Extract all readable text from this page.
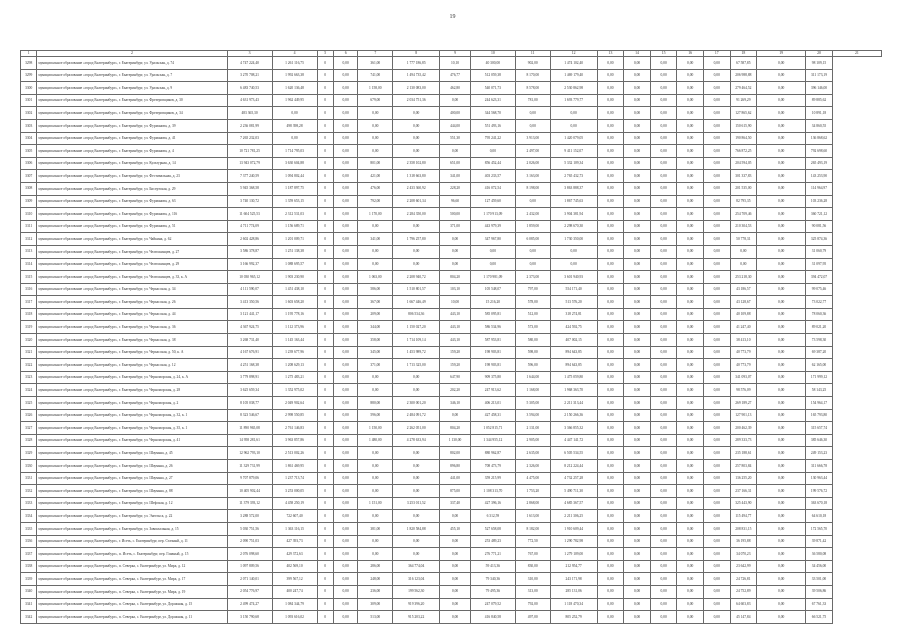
19
1	2	3	4	5	6	7	8	9	10	11	12	13	14	15	16	17	18	19	20	21
3298	муниципальное образование «город Екатеринбург», г. Екатеринбург, ул. Уральская, д. 74	4 747 224,40	1 261 116,75	0	0,00	361,00	1 777 186,85	10,10	40 300,00	902,00	1 474 102,40	0,00	0,00	0,00	0,00	0,00	67 587,85	0,00	98 109,15	
3299	муниципальное образование «город Екатеринбург», г. Екатеринбург, ул. Уральская, д. 7	3 270 708,21	1 992 663,38	0	0,00	741,00	1 494 735,42	476,77	512 059,38	8 170,00	1 469 179,40	0,00	0,00	0,00	0,00	0,00	206 988,88	0,00	311 173,19	
3300	муниципальное образование «город Екатеринбург», г. Екатеринбург, ул. Уральская, д. 9	6 483 740,53	1 620 136,48	0	0,00	1 158,00	2 130 083,00	462,80	540 071,73	8 578,00	2 530 862,98	0,00	0,00	0,00	0,00	0,00	279 464,52	0,00	396 146,00	
3301	муниципальное образование «город Екатеринбург», г. Екатеринбург, ул. Фрезеровщиков, д. 30	4 631 973,43	1 962 449,95	0	0,00	679,00	2 034 751,36	0,00	244 623,31	781,00	1 693 779,77	0,00	0,00	0,00	0,00	0,00	91 269,29	0,00	89 885,62	
3302	муниципальное образование «город Екатеринбург», г. Екатеринбург, ул. Фрезеровщиков, д. 34	483 365,30	0,00	0	0,00	0,00	0,00	400,00	344 568,70	0,00	0,00	0,00	0,00	0,00	0,00	0,00	127 865,62	0,00	10 891,18	
3303	муниципальное образование «город Екатеринбург», г. Екатеринбург, ул. Фурманова, д. 39	2 236 081,99	498 398,28	0	0,00	0,00	0,00	444,00	551 493,16	0,00	0,00	0,00	0,00	0,00	0,00	0,00	150 615,90	0,00	34 860,55	
3304	муниципальное образование «город Екатеринбург», г. Екатеринбург, ул. Фурманова, д. 41	7 265 232,03	0,00	0	0,00	0,00	0,00	551,30	795 241,22	3 913,00	1 420 079,05	0,00	0,00	0,00	0,00	0,00	190 864,50	0,00	136 868,62	
3305	муниципальное образование «город Екатеринбург», г. Екатеринбург, ул. Фурманова, д. 4	10 721 781,25	1 714 795,03	0	0,00	0,00	0,00	0,00	0,00	2 497,00	9 411 152,07	0,00	0,00	0,00	0,00	0,00	766 872,25	0,00	792 698,60	
3306	муниципальное образование «город Екатеринбург», г. Екатеринбург, ул. Культурная, д. 14	13 943 072,79	3 630 604,88	0	0,00	801,00	2 358 102,80	651,00	856 452,44	2 026,00	5 332 109,34	0,00	0,00	0,00	0,00	0,00	204 594,05	0,00	265 493,19	
3307	муниципальное образование «город Екатеринбург», г. Екатеринбург, ул. Фестивальная, д. 23	7 377 240,59	1 094 802,44	0	0,00	421,00	1 318 663,80	341,00	403 233,57	3 163,00	2 765 432,73	0,00	0,00	0,00	0,00	0,00	301 337,83	0,00	143 253,90	
3308	муниципальное образование «город Екатеринбург», г. Екатеринбург, ул. Бисертская, д. 29	5 945 368,58	1 187 897,75	0	0,00	476,00	2 433 360,92	228,20	416 072,54	8 198,00	3 863 888,37	0,00	0,00	0,00	0,00	0,00	201 535,00	0,00	114 964,97	
3309	муниципальное образование «город Екатеринбург», г. Екатеринбург, ул. Фурманова, д. 63	3 740 130,72	1 359 653,15	0	0,00	792,00	2 208 601,34	96,60	127 459,60	0,00	1 867 745,63	0,00	0,00	0,00	0,00	0,00	82 795,35	0,00	103 236,28	
3310	муниципальное образование «город Екатеринбург», г. Екатеринбург, ул. Фурманова, д. 116	11 604 525,53	2 312 531,03	0	0,00	1 170,00	2 284 350,00	500,00	1 170 913,09	2 432,00	3 904 381,94	0,00	0,00	0,00	0,00	0,00	254 709,46	0,00	360 721,12	
3311	муниципальное образование «город Екатеринбург», г. Екатеринбург, ул. Фурманова, д. 51	4 711 774,09	1 156 689,71	0	0,00	0,00	0,00	371,00	443 979,39	1 859,00	2 298 670,30	0,00	0,00	0,00	0,00	0,00	210 304,53	0,00	90 081,56	
3312	муниципальное образование «город Екатеринбург», г. Екатеринбург, ул. Чайкина, д. 62	2 602 428,86	1 201 009,71	0	0,00	341,00	1 796 257,80	0,00	347 967,80	6 085,00	1 730 350,00	0,00	0,00	0,00	0,00	0,00	50 778,31	0,00	325 874,36	
3313	муниципальное образование «город Екатеринбург», г. Екатеринбург, ул. Челюскинцев, д. 27	3 586 378,87	1 251 138,38	0	0,00	0,00	0,00	0,00	0,00	0,00	0,00	0,00	0,00	0,00	0,00	0,00	0,00	0,00	31 060,79	
3314	муниципальное образование «город Екатеринбург», г. Екатеринбург, ул. Челюскинцев, д. 29	3 166 992,37	1 088 695,57	0	0,00	0,00	0,00	0,00	0,00	0,00	0,00	0,00	0,00	0,00	0,00	0,00	0,00	0,00	31 097,95	
3315	муниципальное образование «город Екатеринбург», г. Екатеринбург, ул. Челюскинцев, д. 33, к. А	10 030 965,12	1 903 230,90	0	0,00	1 063,00	2 208 940,72	804,20	1 170 981,09	2 373,00	3 601 940,93	0,00	0,00	0,00	0,00	0,00	253 218,30	0,00	394 472,07	
3316	муниципальное образование «город Екатеринбург», г. Екатеринбург, ул. Черкасская, д. 34	4 111 590,07	1 451 438,10	0	0,00	586,00	1 510 801,57	103,10	105 548,07	797,00	554 171,40	0,00	0,00	0,00	0,00	0,00	43 186,57	0,00	99 075,46	
3317	муниципальное образование «город Екатеринбург», г. Екатеринбург, ул. Черкасская, д. 26	3 413 350,56	1 603 658,20	0	0,00	367,00	1 667 446,49	10,00	15 216,20	578,00	513 576,20	0,00	0,00	0,00	0,00	0,00	43 128,67	0,00	73 022,77	
3318	муниципальное образование «город Екатеринбург», г. Екатеринбург, ул. Черкасская, д. 44	3 121 441,17	1 195 778,16	0	0,00	209,00	806 534,36	443,10	585 095,81	512,00	318 274,81	0,00	0,00	0,00	0,00	0,00	40 109,88	0,00	78 060,36	
3319	муниципальное образование «город Екатеринбург», г. Екатеринбург, ул. Черкасская, д. 36	4 367 924,75	1 112 373,96	0	0,00	344,00	1 150 027,20	443,10	586 534,96	573,00	424 592,75	0,00	0,00	0,00	0,00	0,00	41 247,40	0,00	89 021,20	
3320	муниципальное образование «город Екатеринбург», г. Екатеринбург, ул. Черкасская, д. 38	3 268 731,40	1 145 163,44	0	0,00	358,00	1 714 109,14	443,10	587 953,81	580,00	407 002,15	0,00	0,00	0,00	0,00	0,00	38 413,10	0,00	73 598,30	
3321	муниципальное образование «город Екатеринбург», г. Екатеринбург, ул. Черкасская, д. 50, к. А	4 167 676,91	1 239 677,96	0	0,00	345,00	1 453 989,72	159,20	198 903,81	598,00	894 643,85	0,00	0,00	0,00	0,00	0,00	40 773,79	0,00	69 387,20	
3322	муниципальное образование «город Екатеринбург», г. Екатеринбург, ул. Черкасская, д. 12	4 251 168,38	1 208 629,13	0	0,00	371,00	1 713 325,00	159,20	198 903,81	596,00	894 643,85	0,00	0,00	0,00	0,00	0,00	40 773,79	0,00	62 165,00	
3323	муниципальное образование «город Екатеринбург», г. Екатеринбург, ул. Черноморская, д. 24, к. А	3 779 898,91	1 275 483,21	0	0,00	0,00	0,00	647,90	909 375,80	1 644,00	1 475 059,80	0,00	0,00	0,00	0,00	0,00	341 093,07	0,00	171 999,12	
3324	муниципальное образование «город Екатеринбург», г. Екатеринбург, ул. Черноморская, д. 28	3 625 659,34	1 352 975,02	0	0,00	0,00	0,00	202,20	247 913,62	1 168,00	1 968 363,70	0,00	0,00	0,00	0,00	0,00	98 576,09	0,00	58 143,25	
3325	муниципальное образование «город Екатеринбург», г. Екатеринбург, ул. Черноморская, д. 2	8 105 038,77	2 049 902,64	0	0,00	880,00	2 300 001,20	346,10	406 213,01	5 305,00	2 211 313,44	0,00	0,00	0,00	0,00	0,00	269 189,27	0,00	154 964,17	
3326	муниципальное образование «город Екатеринбург», г. Екатеринбург, ул. Черноморская, д. 32, к. 1	8 323 546,67	2 998 550,85	0	0,00	596,00	2 484 091,72	0,00	427 458,31	3 594,00	2 150 266,36	0,00	0,00	0,00	0,00	0,00	127 901,13	0,00	165 793,80	
3327	муниципальное образование «город Екатеринбург», г. Екатеринбург, ул. Черноморская, д. 35, к. 1	11 890 965,08	2 761 146,83	0	0,00	1 150,00	2 262 051,00	804,20	1 052 815,71	2 131,00	3 366 855,32	0,00	0,00	0,00	0,00	0,00	200 462,39	0,00	315 657,74	
3328	муниципальное образование «город Екатеринбург», г. Екатеринбург, ул. Черноморская, д. 41	14 958 281,61	3 963 857,86	0	0,00	1 480,00	4 278 633,94	1 130,00	1 344 955,12	2 905,00	4 447 141,72	0,00	0,00	0,00	0,00	0,00	289 333,73	0,00	385 646,30	
3329	муниципальное образование «город Екатеринбург», г. Екатеринбург, ул. Шаумяна, д. 45	12 962 793,10	2 513 002,26	0	0,00	0,00	0,00	802,00	880 962,87	2 635,00	6 505 534,55	0,00	0,00	0,00	0,00	0,00	235 188,61	0,00	249 153,23	
3330	муниципальное образование «город Екатеринбург», г. Екатеринбург, ул. Шаумяна, д. 26	11 329 731,99	1 861 469,95	0	0,00	0,00	0,00	896,80	708 473,79	2 326,00	8 212 224,44	0,00	0,00	0,00	0,00	0,00	257 803,84	0,00	311 666,78	
3331	муниципальное образование «город Екатеринбург», г. Екатеринбург, ул. Шаумяна, д. 27	9 707 879,06	1 237 713,74	0	0,00	0,00	0,00	441,00	359 215,99	4 475,00	4 732 257,28	0,00	0,00	0,00	0,00	0,00	136 255,20	0,00	130 963,44	
3332	муниципальное образование «город Екатеринбург», г. Екатеринбург, ул. Шаумяна, д. 88	10 405 902,44	3 253 000,05	0	0,00	0,00	0,00	875,00	1 108 313,70	1 753,20	5 490 711,30	0,00	0,00	0,00	0,00	0,00	237 166,31	0,00	199 576,72	
3333	муниципальное образование «город Екатеринбург», г. Екатеринбург, ул. Шефская, д. 12	11 379 393,12	4 458 250,19	0	0,00	1 151,00	3 253 011,52	337,40	427 396,16	2 868,00	4 685 367,57	0,00	0,00	0,00	0,00	0,00	325 443,90	0,00	363 670,18	
3334	муниципальное образование «город Екатеринбург», г. Екатеринбург, ул. Энгельса, д. 22	3 288 572,00	722 607,40	0	0,00	0,00	0,00	0,00	6 312,59	1 613,00	2 211 306,25	0,00	0,00	0,00	0,00	0,00	115 494,77	0,00	64 610,18	
3335	муниципальное образование «город Екатеринбург», г. Екатеринбург, ул. Завокзальная, д. 15	5 030 751,56	1 363 116,15	0	0,00	381,00	1 820 584,88	455,10	527 658,08	8 182,00	1 910 609,44	0,00	0,00	0,00	0,00	0,00	208 831,15	0,00	172 565,70	
3336	муниципальное образование «город Екатеринбург», г. Исеть, с. Екатеринбург, пер. Стачный, д. 11	2 090 751,03	427 393,73	0	0,00	0,00	0,00	0,00	253 489,23	772,50	1 290 782,98	0,00	0,00	0,00	0,00	0,00	36 195,88	0,00	39 871,42	
3337	муниципальное образование «город Екатеринбург», п. Исеть, с. Екатеринбург, пер. Главный, д. 15	2 076 098,60	429 372,63	0	0,00	0,00	0,00	0,00	276 771,21	767,00	1 279 109,00	0,00	0,00	0,00	0,00	0,00	34 070,23	0,00	36 580,08	
3338	муниципальное образование «город Екатеринбург», п. Северка, с. Екатеринбург, ул. Мира, д. 12	1 097 809,56	402 569,10	0	0,00	286,00	364 774,04	0,00	59 413,36	830,00	212 954,77	0,00	0,00	0,00	0,00	0,00	23 642,99	0,00	34 456,00	
3339	муниципальное образование «город Екатеринбург», п. Северка, с. Екатеринбург, ул. Мира, д. 17	2 071 140,01	399 567,12	0	0,00	248,00	316 123,04	0,00	79 340,36	310,00	243 171,98	0,00	0,00	0,00	0,00	0,00	24 726,81	0,00	33 501,00	
3340	муниципальное образование «город Екатеринбург», п. Северка, с. Екатеринбург, ул. Мира, д. 19	2 054 776,97	400 247,74	0	0,00	236,00	199 562,30	0,00	79 495,36	313,00	285 131,06	0,00	0,00	0,00	0,00	0,00	24 752,89	0,00	39 506,86	
3341	муниципальное образование «город Екатеринбург», п. Северка, с. Екатеринбург, ул. Дорожная, д. 15	2 499 474,27	1 084 344,79	0	0,00	309,00	919 396,20	0,00	247 079,52	792,00	1 118 470,34	0,00	0,00	0,00	0,00	0,00	64 603,83	0,00	67 761,33	
3342	муниципальное образование «город Екатеринбург», п. Северка, с. Екатеринбург, ул. Дорожная, д. 11	3 150 790,68	1 093 616,02	0	0,00	513,00	915 203,22	0,00	416 840,58	497,00	805 252,79	0,00	0,00	0,00	0,00	0,00	45 147,84	0,00	66 521,75	
